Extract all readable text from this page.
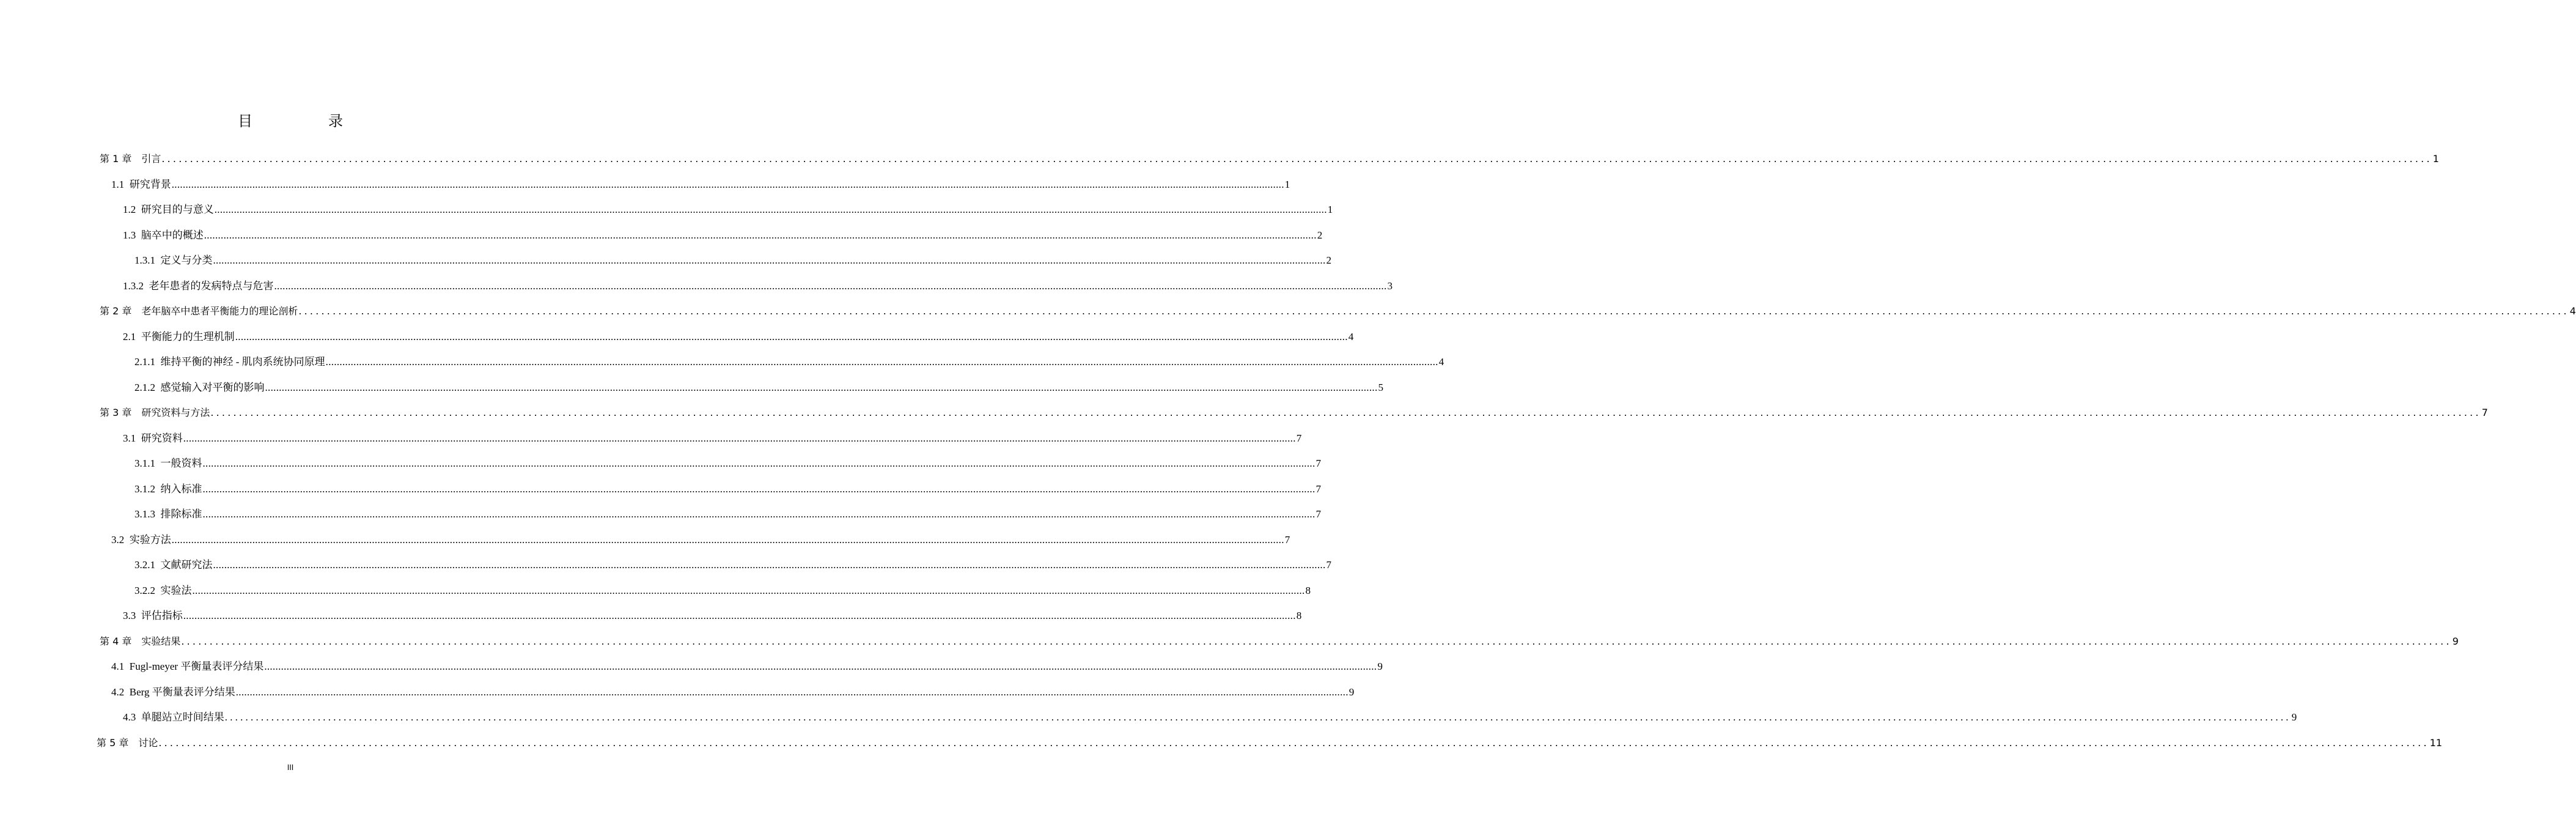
目　录
第 1 章　引言 ................................................................................................................................................................................................................................................................................................................................................................................................................ 1
1.1  研究背景 ................................................................................................................................................................................................................................................................................................................................................................................................................ 1
1.2  研究目的与意义 ................................................................................................................................................................................................................................................................................................................................................................................................................ 1
1.3  脑卒中的概述 ................................................................................................................................................................................................................................................................................................................................................................................................................ 2
1.3.1  定义与分类 ................................................................................................................................................................................................................................................................................................................................................................................................................ 2
1.3.2  老年患者的发病特点与危害 ................................................................................................................................................................................................................................................................................................................................................................................................................ 3
第 2 章　老年脑卒中患者平衡能力的理论剖析 ................................................................................................................................................................................................................................................................................................................................................................................................................ 4
2.1  平衡能力的生理机制 ................................................................................................................................................................................................................................................................................................................................................................................................................ 4
2.1.1  维持平衡的神经 - 肌肉系统协同原理 ................................................................................................................................................................................................................................................................................................................................................................................................................ 4
2.1.2  感觉输入对平衡的影响 ................................................................................................................................................................................................................................................................................................................................................................................................................ 5
第 3 章　研究资料与方法 ................................................................................................................................................................................................................................................................................................................................................................................................................ 7
3.1  研究资料 ................................................................................................................................................................................................................................................................................................................................................................................................................ 7
3.1.1  一般资料 ................................................................................................................................................................................................................................................................................................................................................................................................................ 7
3.1.2  纳入标准 ................................................................................................................................................................................................................................................................................................................................................................................................................ 7
3.1.3  排除标准 ................................................................................................................................................................................................................................................................................................................................................................................................................ 7
3.2  实验方法 ................................................................................................................................................................................................................................................................................................................................................................................................................ 7
3.2.1  文献研究法 ................................................................................................................................................................................................................................................................................................................................................................................................................ 7
3.2.2  实验法 ................................................................................................................................................................................................................................................................................................................................................................................................................ 8
3.3  评估指标 ................................................................................................................................................................................................................................................................................................................................................................................................................ 8
第 4 章　实验结果 ................................................................................................................................................................................................................................................................................................................................................................................................................ 9
4.1  Fugl-meyer 平衡量表评分结果 ................................................................................................................................................................................................................................................................................................................................................................................................................ 9
4.2  Berg 平衡量表评分结果 ................................................................................................................................................................................................................................................................................................................................................................................................................ 9
4.3  单腿站立时间结果 ................................................................................................................................................................................................................................................................................................................................................................................................................ 9
第 5 章　讨论 ................................................................................................................................................................................................................................................................................................................................................................................................................ 11
III
